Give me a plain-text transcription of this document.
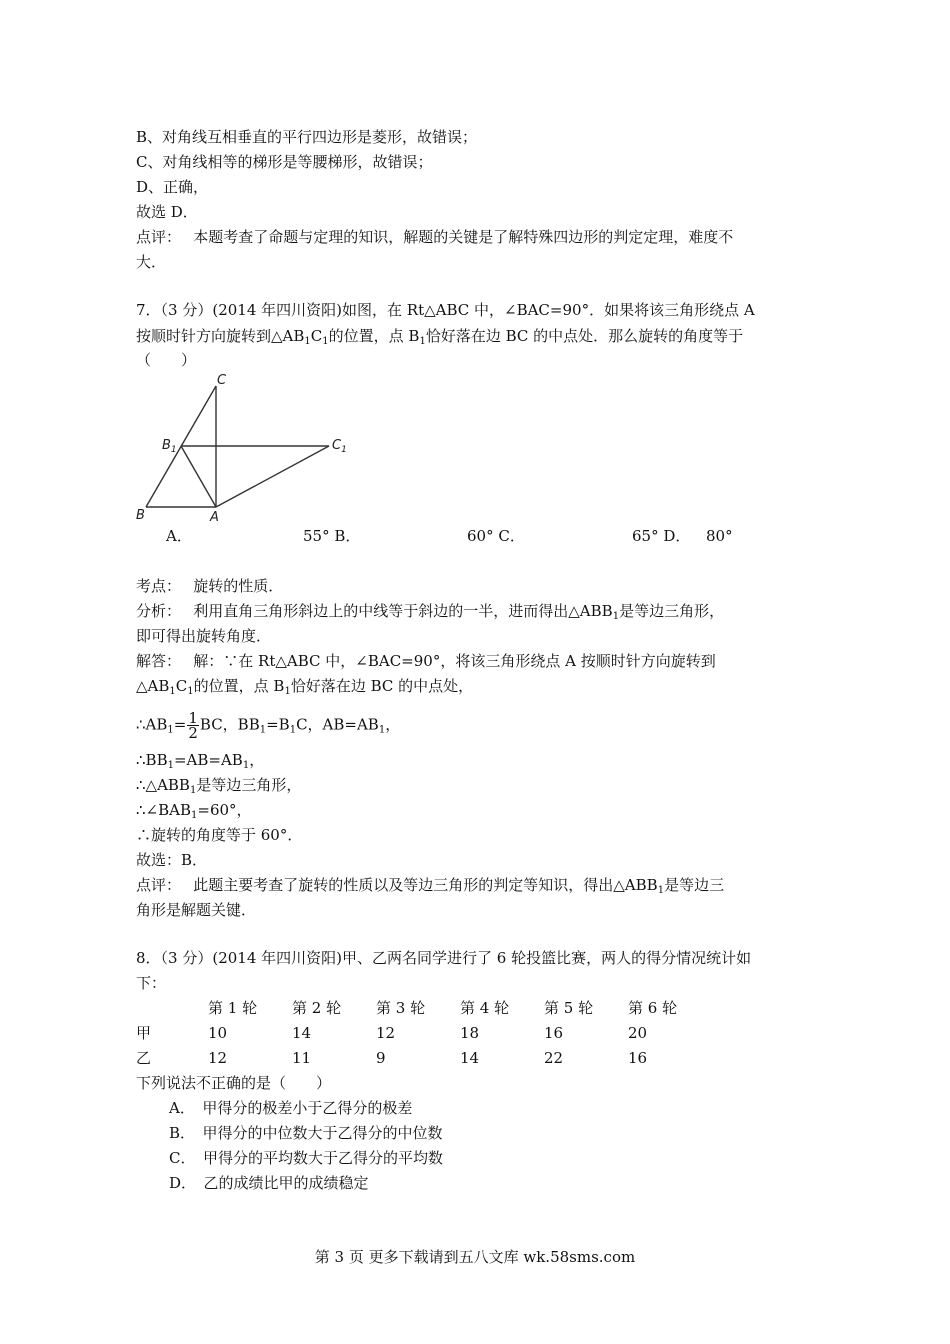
B、对角线互相垂直的平行四边形是菱形，故错误；
C、对角线相等的梯形是等腰梯形，故错误；
D、正确，
故选 D．
点评：　 本题考查了命题与定理的知识，解题的关键是了解特殊四边形的判定定理，难度不
大．
7．（3 分）(2014 年四川资阳)如图，在 Rt△ABC 中，∠BAC=90°．如果将该三角形绕点 A
按顺时针方向旋转到$\triangle AB_1C_1$的位置，点 $B_1$恰好落在边 BC 的中点处．那么旋转的角度等于
（　　）
C
$B_1$	$C_1$
B	A
A．	55° B．	60° C．	65° D． 80°
考点：　 旋转的性质．
分析：　 利用直角三角形斜边上的中线等于斜边的一半，进而得出$\triangle ABB_1$是等边三角形，
即可得出旋转角度．
解答：　 解：∵在 Rt△ABC 中，∠BAC=90°，将该三角形绕点 A 按顺时针方向旋转到
$\triangle AB_1C_1$的位置，点 $B_1$恰好落在边 BC 的中点处，
$\therefore AB_1= \frac{1}{2}$ BC，$BB_1=B_1C$，$AB=AB_1$，
$\therefore BB_1=AB=AB_1$，
$\therefore\triangle ABB_1$是等边三角形，
$\therefore\angle BAB_1=60^\circ$，
∴旋转的角度等于 60°．
故选：B．
点评：　 此题主要考查了旋转的性质以及等边三角形的判定等知识，得出$\triangle ABB_1$是等边三
角形是解题关键．
8．（3 分）(2014 年四川资阳)甲、乙两名同学进行了 6 轮投篮比赛，两人的得分情况统计如
下：
第 1 轮 第 2 轮 第 3 轮 第 4 轮 第 5 轮 第 6 轮
甲	10	14	12	18	16	20
乙	12	11	9	14	22	16
下列说法不正确的是（　　）
A．　甲得分的极差小于乙得分的极差
B．　甲得分的中位数大于乙得分的中位数
C．　甲得分的平均数大于乙得分的平均数
D．　乙的成绩比甲的成绩稳定
第 3 页 更多下载请到五八文库 wk.58sms.com
